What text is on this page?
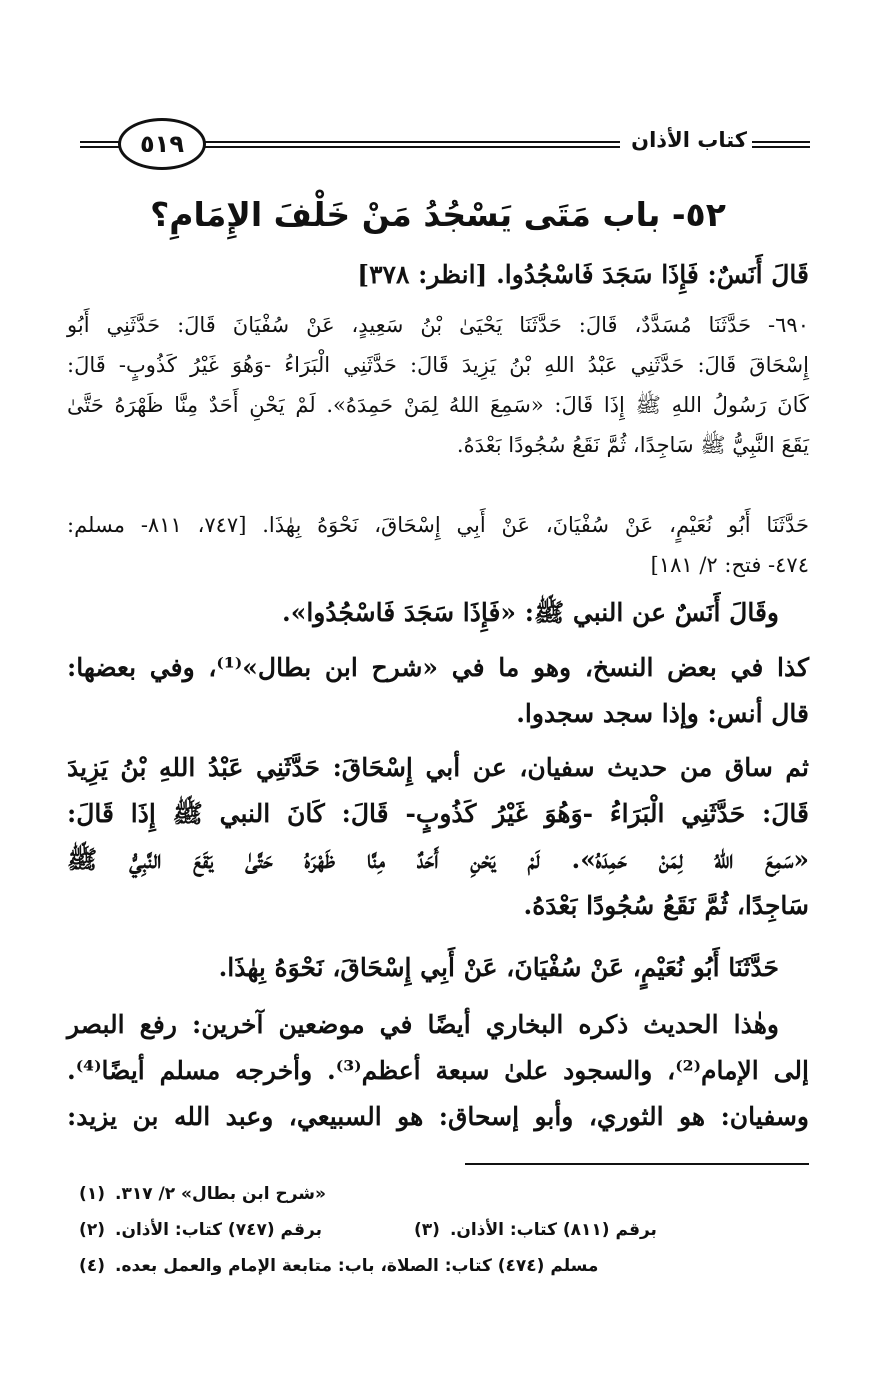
٥١٩	كتاب الأذان
٥٢- باب مَتَى يَسْجُدُ مَنْ خَلْفَ الإِمَامِ؟
قَالَ أَنَسٌ: فَإِذَا سَجَدَ فَاسْجُدُوا. [انظر: ٣٧٨]
٦٩٠- حَدَّثَنَا مُسَدَّدٌ، قَالَ: حَدَّثَنَا يَحْيَىٰ بْنُ سَعِيدٍ، عَنْ سُفْيَانَ قَالَ: حَدَّثَنِي أَبُو
إِسْحَاقَ قَالَ: حَدَّثَنِي عَبْدُ اللهِ بْنُ يَزِيدَ قَالَ: حَدَّثَنِي الْبَرَاءُ -وَهُوَ غَيْرُ كَذُوبٍ- قَالَ:
كَانَ رَسُولُ اللهِ ﷺ إِذَا قَالَ: «سَمِعَ اللهُ لِمَنْ حَمِدَهُ». لَمْ يَحْنِ أَحَدٌ مِنَّا ظَهْرَهُ حَتَّىٰ
يَقَعَ النَّبِيُّ ﷺ سَاجِدًا، ثُمَّ نَقَعُ سُجُودًا بَعْدَهُ.
حَدَّثَنَا أَبُو نُعَيْمٍ، عَنْ سُفْيَانَ، عَنْ أَبِي إِسْحَاقَ، نَحْوَهُ بِهٰذَا. [٧٤٧، ٨١١- مسلم:
٤٧٤- فتح: ٢/ ١٨١]
وقَالَ أَنَسٌ عن النبي ﷺ: «فَإِذَا سَجَدَ فَاسْجُدُوا».
كذا في بعض النسخ، وهو ما في «شرح ابن بطال»⁽¹⁾، وفي بعضها:
قال أنس: وإذا سجد سجدوا.
ثم ساق من حديث سفيان، عن أبي إِسْحَاقَ: حَدَّثَنِي عَبْدُ اللهِ بْنُ يَزِيدَ
قَالَ: حَدَّثَنِي الْبَرَاءُ -وَهُوَ غَيْرُ كَذُوبٍ- قَالَ: كَانَ النبي ﷺ إِذَا قَالَ:
«سَمِعَ اللهُ لِمَنْ حَمِدَهُ». لَمْ يَحْنِ أَحَدٌ مِنَّا ظَهْرَهُ حَتَّىٰ يَقَعَ النَّبِيُّ ﷺ
سَاجِدًا، ثُمَّ نَقَعُ سُجُودًا بَعْدَهُ.
حَدَّثَنَا أَبُو نُعَيْمٍ، عَنْ سُفْيَانَ، عَنْ أَبِي إِسْحَاقَ، نَحْوَهُ بِهٰذَا.
وهٰذا الحديث ذكره البخاري أيضًا في موضعين آخرين: رفع البصر
إلى الإمام⁽²⁾، والسجود علىٰ سبعة أعظم⁽³⁾. وأخرجه مسلم أيضًا⁽⁴⁾.
وسفيان: هو الثوري، وأبو إسحاق: هو السبيعي، وعبد الله بن يزيد:
(١) «شرح ابن بطال» ٢/ ٣١٧.
(٢) برقم (٧٤٧) كتاب: الأذان.	(٣) برقم (٨١١) كتاب: الأذان.
(٤) مسلم (٤٧٤) كتاب: الصلاة، باب: متابعة الإمام والعمل بعده.
